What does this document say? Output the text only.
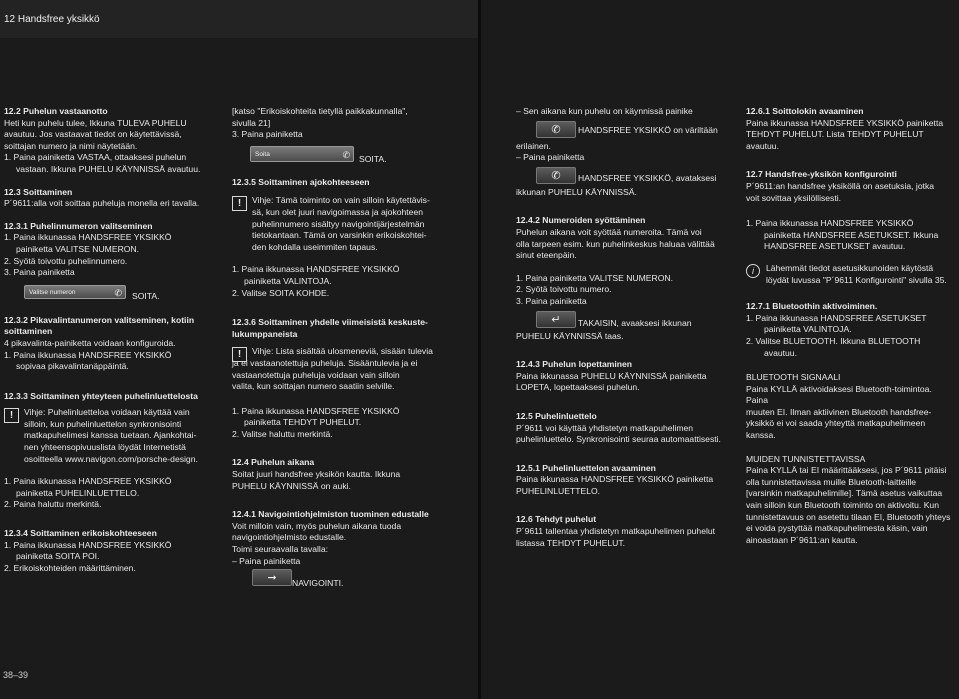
12 Handsfree yksikkö

12.2 Puhelun vastaanotto

Heti kun puhelu tulee, Ikkuna TULEVA PUHELU

avautuu. Jos vastaavat tiedot on käytettävissä,

soittajan numero ja nimi näytetään.

1. Paina painiketta VASTAA, ottaaksesi puhelun

vastaan. Ikkuna PUHELU KÄYNNISSÄ avautuu.

12.3 Soittaminen

P´9611:alla voit soittaa puheluja monella eri tavalla.

12.3.1 Puhelinnumeron valitseminen

1. Paina ikkunassa HANDSFREE YKSIKKÖ

painiketta VALITSE NUMERON.

2. Syötä toivottu puhelinnumero.

3. Paina painiketta

Valitse numeron	✆ SOITA.

12.3.2 Pikavalintanumeron valitseminen, kotiin

soittaminen

4 pikavalinta-painiketta voidaan konfiguroida.

1. Paina ikkunassa HANDSFREE YKSIKKÖ

sopivaa pikavalintanäppäintä.

12.3.3 Soittaminen yhteyteen puhelinluettelosta

!	Vihje: Puhelinluetteloa voidaan käyttää vain

silloin, kun puhelinluettelon synkronisointi

matkapuhelimesi kanssa tuetaan. Ajankohtai-

nen yhteensopivuuslista löydät Internetistä

osoitteella www.navigon.com/porsche-design.

1. Paina ikkunassa HANDSFREE YKSIKKÖ

painiketta PUHELINLUETTELO.

2. Paina haluttu merkintä.

12.3.4 Soittaminen erikoiskohteeseen

1. Paina ikkunassa HANDSFREE YKSIKKÖ

painiketta SOITA POI.

2. Erikoiskohteiden määrittäminen.

[katso "Erikoiskohteita tietyllä paikkakunnalla",

sivulla 21]

3. Paina painiketta

Soita	✆ SOITA.

12.3.5 Soittaminen ajokohteeseen

!	Vihje: Tämä toiminto on vain silloin käytettävis-

sä, kun olet juuri navigoimassa ja ajokohteen

puhelinnumero sisältyy navigointijärjestelmän

tietokantaan. Tämä on varsinkin erikoiskohtei-

den kohdalla useimmiten tapaus.

1. Paina ikkunassa HANDSFREE YKSIKKÖ

painiketta VALINTOJA.

2. Valitse SOITA KOHDE.

12.3.6 Soittaminen yhdelle viimeisistä keskuste-

lukumppaneista

!	Vihje: Lista sisältää ulosmeneviä, sisään tulevia

ja ei vastaanotettuja puheluja. Sisääntulevia ja ei

vastaanotettuja puheluja voidaan vain silloin

valita, kun soittajan numero saatiin selville.

1. Paina ikkunassa HANDSFREE YKSIKKÖ

painiketta TEHDYT PUHELUT.

2. Valitse haluttu merkintä.

12.4 Puhelun aikana

Soitat juuri handsfree yksikön kautta. Ikkuna

PUHELU KÄYNNISSÄ on auki.

12.4.1 Navigointiohjelmiston tuominen edustalle

Voit milloin vain, myös puhelun aikana tuoda

navigointiohjelmisto edustalle.

Toimi seuraavalla tavalla:

– Paina painiketta

➞	NAVIGOINTI.
38–39

– Sen aikana kun puhelu on käynnissä painike

✆	HANDSFREE YKSIKKÖ on väriltään

erilainen.

– Paina painiketta

✆	HANDSFREE YKSIKKÖ, avataksesi

ikkunan PUHELU KÄYNNISSÄ.

12.4.2 Numeroiden syöttäminen

Puhelun aikana voit syöttää numeroita. Tämä voi

olla tarpeen esim. kun puhelinkeskus haluaa välittää

sinut eteenpäin.

1. Paina painiketta VALITSE NUMERON.

2. Syötä toivottu numero.

3. Paina painiketta

↵	TAKAISIN, avaaksesi ikkunan

PUHELU KÄYNNISSÄ taas.

12.4.3 Puhelun lopettaminen

Paina ikkunassa PUHELU KÄYNNISSÄ painiketta

LOPETA, lopettaaksesi puhelun.

12.5 Puhelinluettelo

P´9611 voi käyttää yhdistetyn matkapuhelimen

puhelinluettelo. Synkronisointi seuraa automaattisesti.

12.5.1 Puhelinluettelon avaaminen

Paina ikkunassa HANDSFREE YKSIKKÖ painiketta

PUHELINLUETTELO.

12.6 Tehdyt puhelut

P´9611 tallentaa yhdistetyn matkapuhelimen puhelut

listassa TEHDYT PUHELUT.

12.6.1 Soittolokin avaaminen

Paina ikkunassa HANDSFREE YKSIKKÖ painiketta

TEHDYT PUHELUT. Lista TEHDYT PUHELUT avautuu.

12.7 Handsfree-yksikön konfigurointi

P´9611:an handsfree yksiköllä on asetuksia, jotka

voit sovittaa yksilöllisesti.

1. Paina ikkunassa HANDSFREE YKSIKKÖ

painiketta HANDSFREE ASETUKSET. Ikkuna

HANDSFREE ASETUKSET avautuu.

i	Lähemmät tiedot asetusikkunoiden käytöstä

löydät luvussa "P´9611 Konfigurointi" sivulla 35.

12.7.1 Bluetoothin aktivoiminen.

1. Paina ikkunassa HANDSFREE ASETUKSET

painiketta VALINTOJA.

2. Valitse BLUETOOTH. Ikkuna BLUETOOTH

avautuu.

BLUETOOTH SIGNAALI

Paina KYLLÄ aktivoidaksesi Bluetooth-toimintoa. Paina

muuten EI. Ilman aktiivinen Bluetooth handsfree-

yksikkö ei voi saada yhteyttä matkapuhelimeen kanssa.

MUIDEN TUNNISTETTAVISSA

Paina KYLLÄ tai EI määrittääksesi, jos P´9611 pitäisi

olla tunnistettavissa muille Bluetooth-laitteille

[varsinkin matkapuhelimille]. Tämä asetus vaikuttaa

vain silloin kun Bluetooth toiminto on aktivoitu. Kun

tunnistettavuus on asetettu tilaan EI, Bluetooth yhteys

ei voida pystyttää matkapuhelimesta käsin, vain

ainoastaan P´9611:an kautta.
